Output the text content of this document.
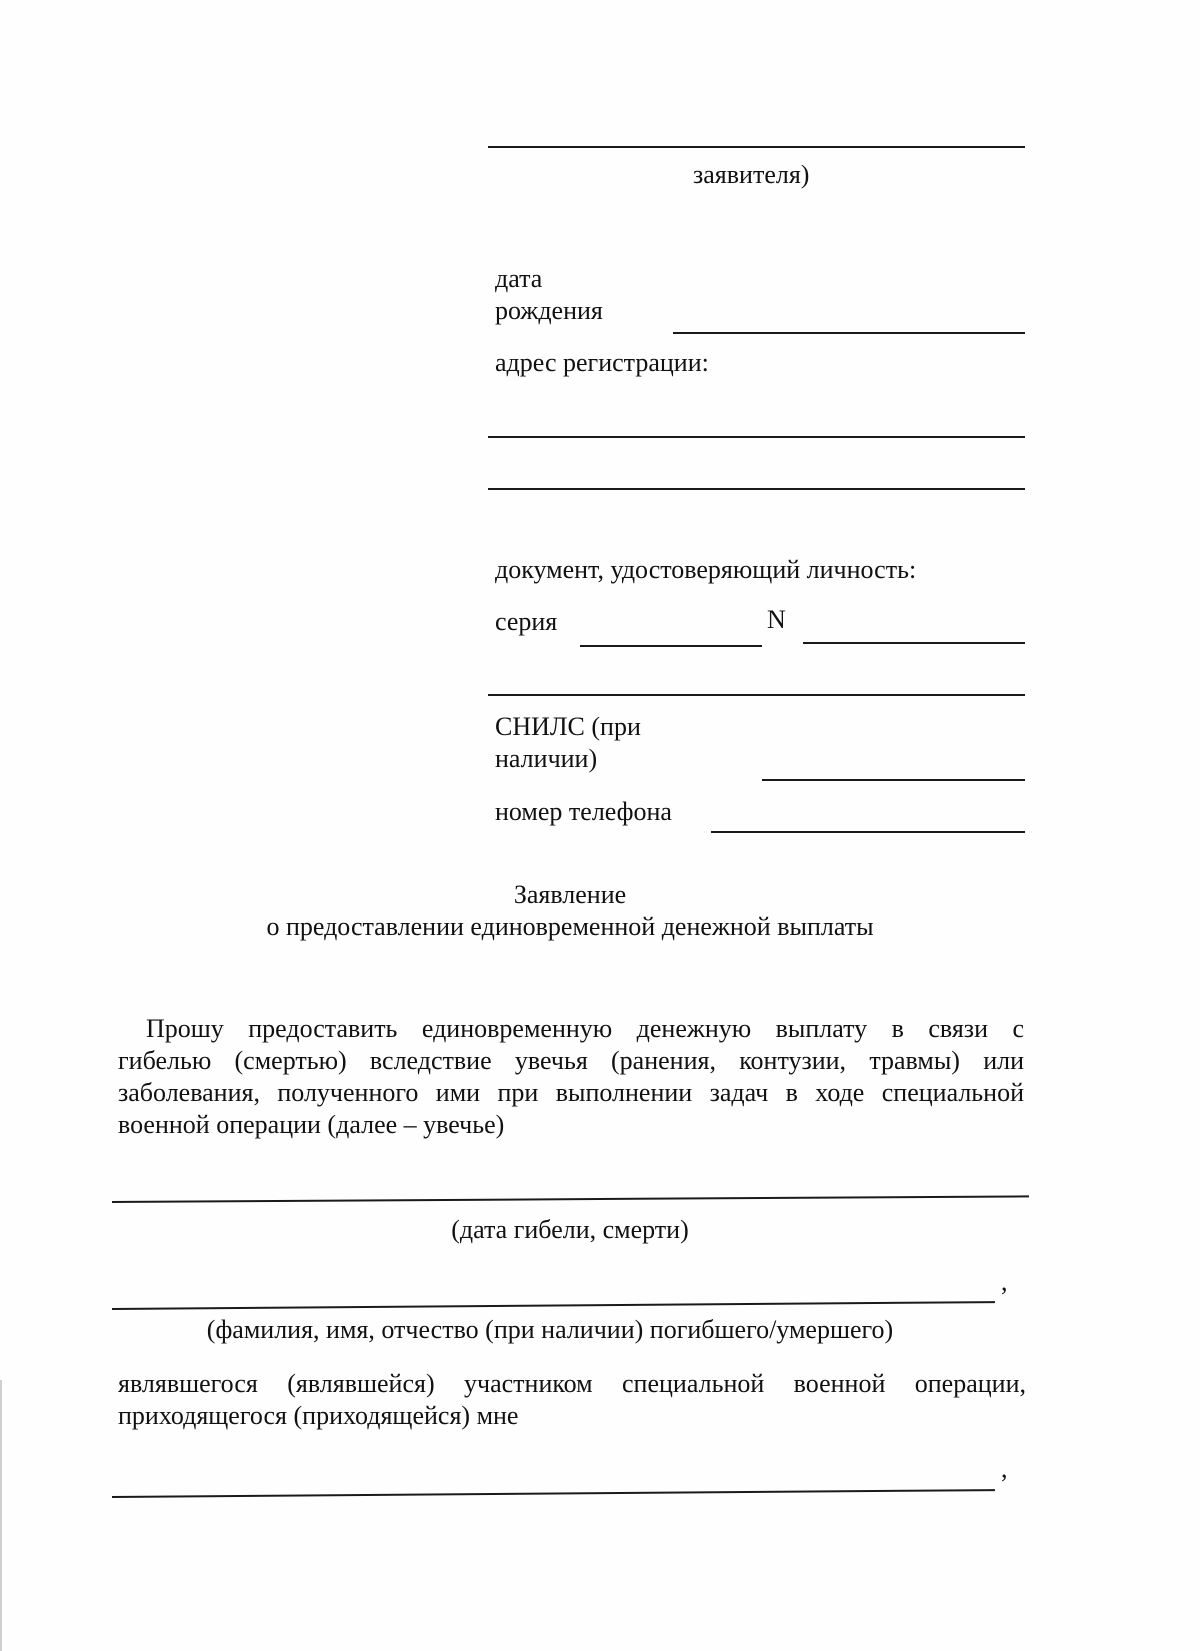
заявителя)
дата
рождения
адрес регистрации:
документ, удостоверяющий личность:
серия	N
СНИЛС (при
наличии)
номер телефона
Заявление
о предоставлении единовременной денежной выплаты
Прошу предоставить единовременную денежную выплату в связи с
гибелью (смертью) вследствие увечья (ранения, контузии, травмы) или
заболевания, полученного ими при выполнении задач в ходе специальной
военной операции (далее – увечье)
(дата гибели, смерти)
,
(фамилия, имя, отчество (при наличии) погибшего/умершего)
являвшегося (являвшейся) участником специальной военной операции,
приходящегося (приходящейся) мне
,
